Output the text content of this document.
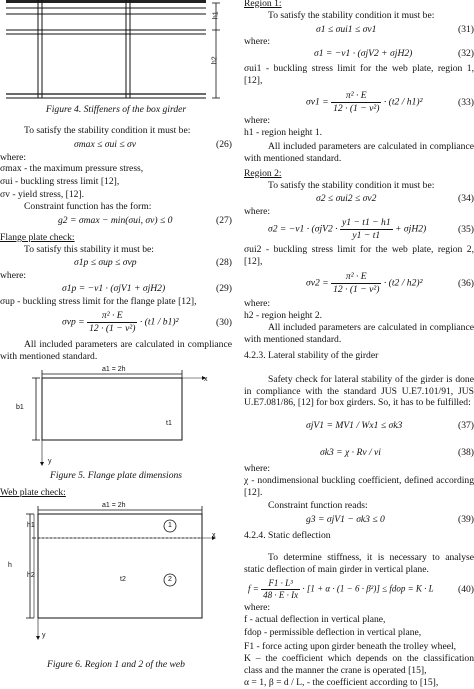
h1
h2
Figure 4. Stiffeners of the box girder
To satisfy the stability condition it must be:
σmax ≤ σui ≤ σv	(26)
where:
σmax - the maximum pressure stress,
σui - buckling stress limit [12],
σv - yield stress, [12].
Constraint function has the form:
g2 = σmax − min(σui, σv) ≤ 0	(27)
Flange plate check:
To satisfy this stability it must be:
σ1p ≤ σup ≤ σvp	(28)
where:
σ1p = −ν1 · (σjV1 + σjH2)	(29)
σup - buckling stress limit for the flange plate [12],
$\sigma vp = \frac{\text{π² · E}}{\text{12 · (1 − ν²)}} \cdot (t1 / b1)^2$	(30)
All included parameters are calculated in compliance with mentioned standard.
a1 = 2h
b1
t1
x
y
Figure 5. Flange plate dimensions
Web plate check:
a1 = 2h
h
h1
h2
t2
1
2
x
y
Figure 6. Region 1 and 2 of the web
Region 1:
To satisfy the stability condition it must be:
σ1 ≤ σui1 ≤ σv1	(31)
where:
σ1 = −ν1 · (σjV2 + σjH2)	(32)
σui1 - buckling stress limit for the web plate, region 1, [12],
$\sigma v1 = \frac{\text{π² · E}}{\text{12 · (1 − ν²)}} \cdot (t2 / h1)^2$	(33)
where:
h1 - region height 1.
All included parameters are calculated in compliance with mentioned standard.
Region 2:
To satisfy the stability condition it must be:
σ2 ≤ σui2 ≤ σv2	(34)
where:
$\sigma 2 = -\nu 1 \cdot (\sigma jV2 \cdot \frac{y1 - t1 - h1}{y1 - t1} + \sigma jH2)$	(35)
σui2 - buckling stress limit for the web plate, region 2, [12],
$\sigma v2 = \frac{\text{π² · E}}{\text{12 · (1 − ν²)}} \cdot (t2 / h2)^2$	(36)
where:
h2 - region height 2.
All included parameters are calculated in compliance with mentioned standard.
4.2.3. Lateral stability of the girder
Safety check for lateral stability of the girder is done in compliance with the standard JUS U.E7.101/91, JUS U.E7.081/86, [12] for box girders. So, it has to be fulfilled:
σjV1 = MV1 / Wx1 ≤ σk3	(37)
σk3 = χ · Rv / νi	(38)
where:
χ - nondimensional buckling coefficient, defined according [12].
Constraint function reads:
g3 = σjV1 − σk3 ≤ 0	(39)
4.2.4. Static deflection
To determine stiffness, it is necessary to analyse static deflection of main girder in vertical plane.
$f = \frac{\text{F1 · L³}}{48 \cdot E \cdot Ix} \cdot [1 + \alpha \cdot (1 - 6 \cdot \beta^2)]$ ≤ fdop = K · L	(40)
where:
f - actual deflection in vertical plane,
fdop - permissible deflection in vertical plane,
F1 - force acting upon girder beneath the trolley wheel,
K – the coefficient which depends on the classification class and the manner the crane is operated [15],
α = 1, β = d / L, - the coefficient according to [15],
